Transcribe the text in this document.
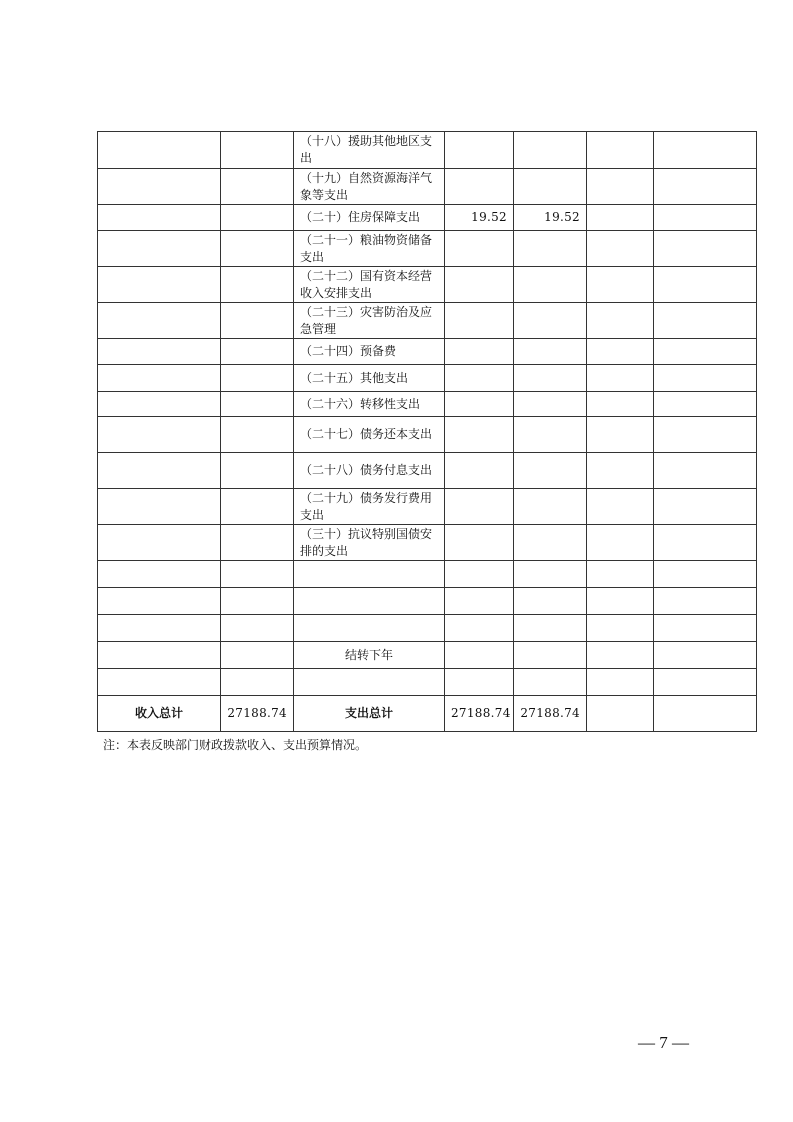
		（十八）援助其他地区支出				
		（十九）自然资源海洋气象等支出				
		（二十）住房保障支出	19.52	19.52		
		（二十一）粮油物资储备支出				
		（二十二）国有资本经营收入安排支出				
		（二十三）灾害防治及应急管理				
		（二十四）预备费				
		（二十五）其他支出				
		（二十六）转移性支出				
		（二十七）债务还本支出				
		（二十八）债务付息支出				
		（二十九）债务发行费用支出				
		（三十）抗议特别国债安排的支出				

		结转下年				

收入总计	27188.74	支出总计	27188.74	27188.74		
注：本表反映部门财政拨款收入、支出预算情况。
— 7 —
